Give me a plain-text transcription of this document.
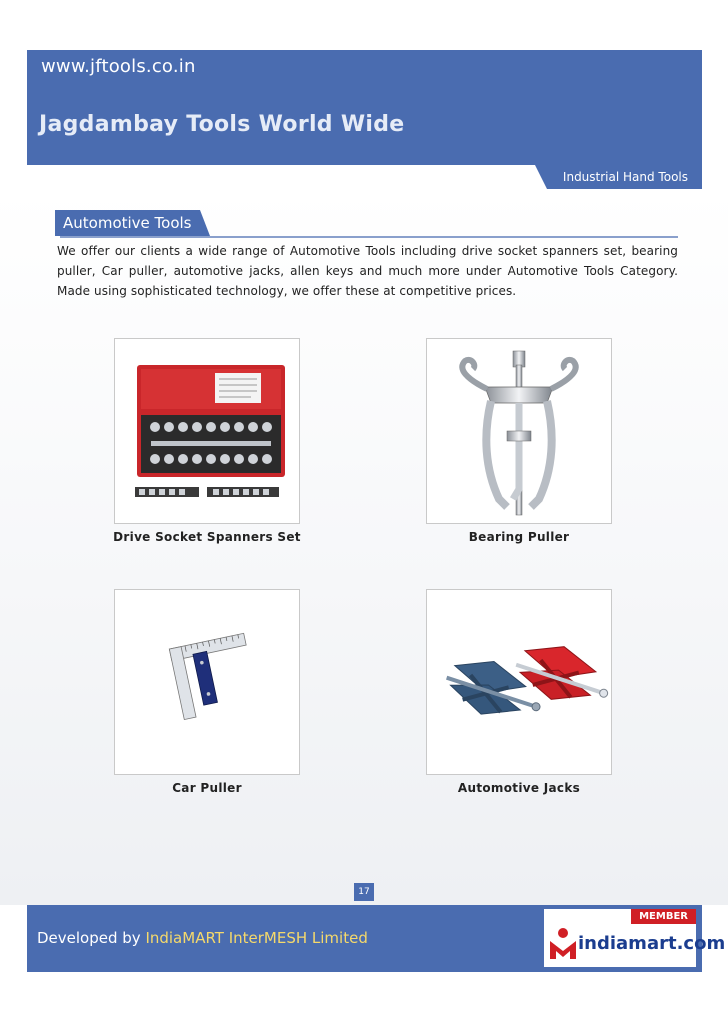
www.jftools.co.in
Jagdambay Tools World Wide
Industrial Hand Tools
Automotive Tools
We offer our clients a wide range of Automotive Tools including drive socket spanners set, bearing puller, Car puller, automotive jacks, allen keys and much more under Automotive Tools Category. Made using sophisticated technology, we offer these at competitive prices.
Drive Socket Spanners Set	Bearing Puller
Car Puller	Automotive Jacks
17
Developed by IndiaMART InterMESH Limited
MEMBER
indiamart.com
